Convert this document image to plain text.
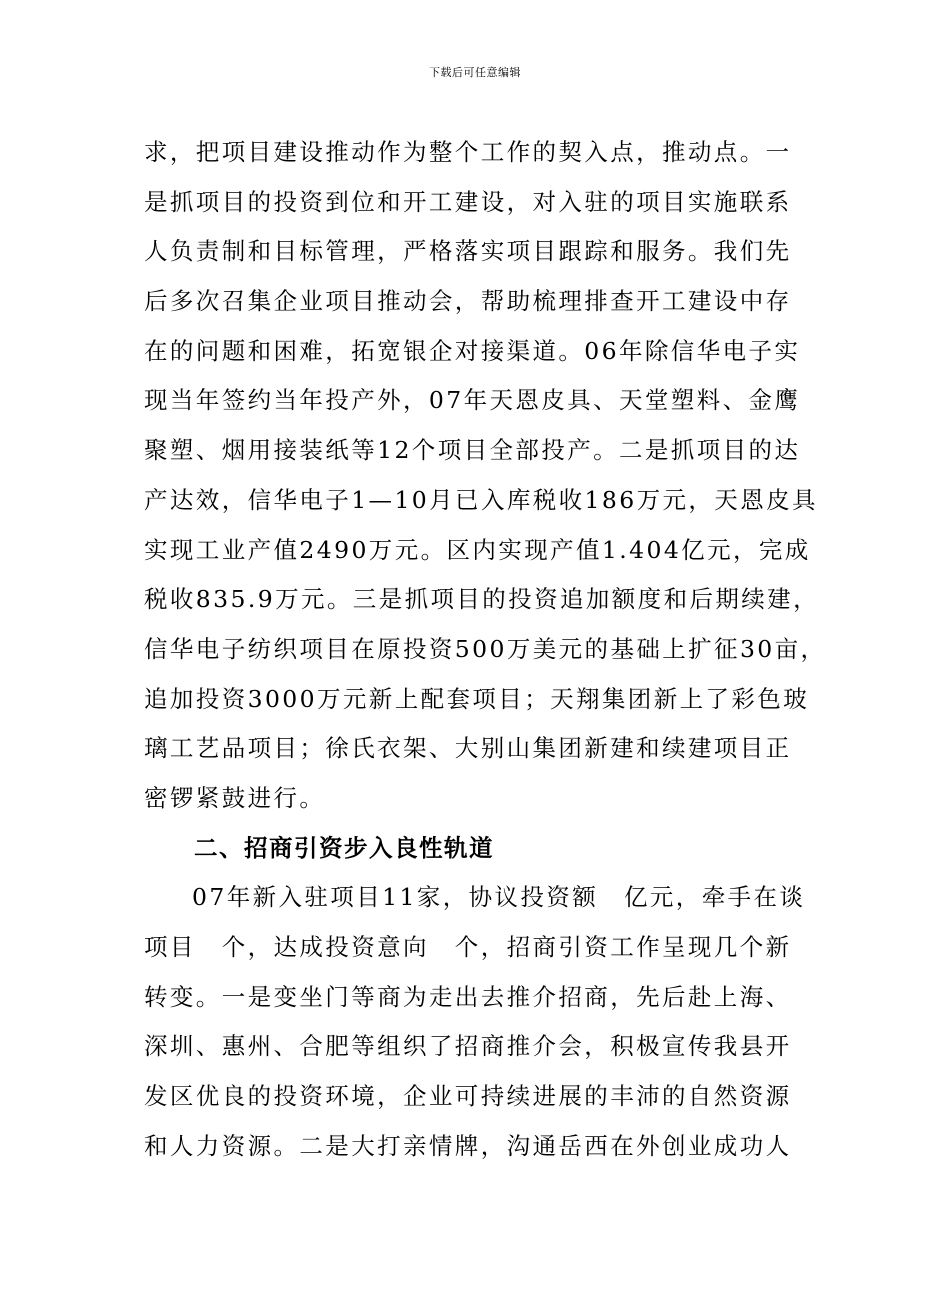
下载后可任意编辑
求，把项目建设推动作为整个工作的契入点，推动点。一
是抓项目的投资到位和开工建设，对入驻的项目实施联系
人负责制和目标管理，严格落实项目跟踪和服务。我们先
后多次召集企业项目推动会，帮助梳理排查开工建设中存
在的问题和困难，拓宽银企对接渠道。06年除信华电子实
现当年签约当年投产外，07年天恩皮具、天堂塑料、金鹰
聚塑、烟用接装纸等12个项目全部投产。二是抓项目的达
产达效，信华电子1—10月已入库税收186万元，天恩皮具
实现工业产值2490万元。区内实现产值1.404亿元，完成
税收835.9万元。三是抓项目的投资追加额度和后期续建，
信华电子纺织项目在原投资500万美元的基础上扩征30亩，
追加投资3000万元新上配套项目；天翔集团新上了彩色玻
璃工艺品项目；徐氏衣架、大别山集团新建和续建项目正
密锣紧鼓进行。
二、招商引资步入良性轨道
07年新入驻项目11家，协议投资额　亿元，牵手在谈
项目　个，达成投资意向　个，招商引资工作呈现几个新
转变。一是变坐门等商为走出去推介招商，先后赴上海、
深圳、惠州、合肥等组织了招商推介会，积极宣传我县开
发区优良的投资环境，企业可持续进展的丰沛的自然资源
和人力资源。二是大打亲情牌，沟通岳西在外创业成功人
